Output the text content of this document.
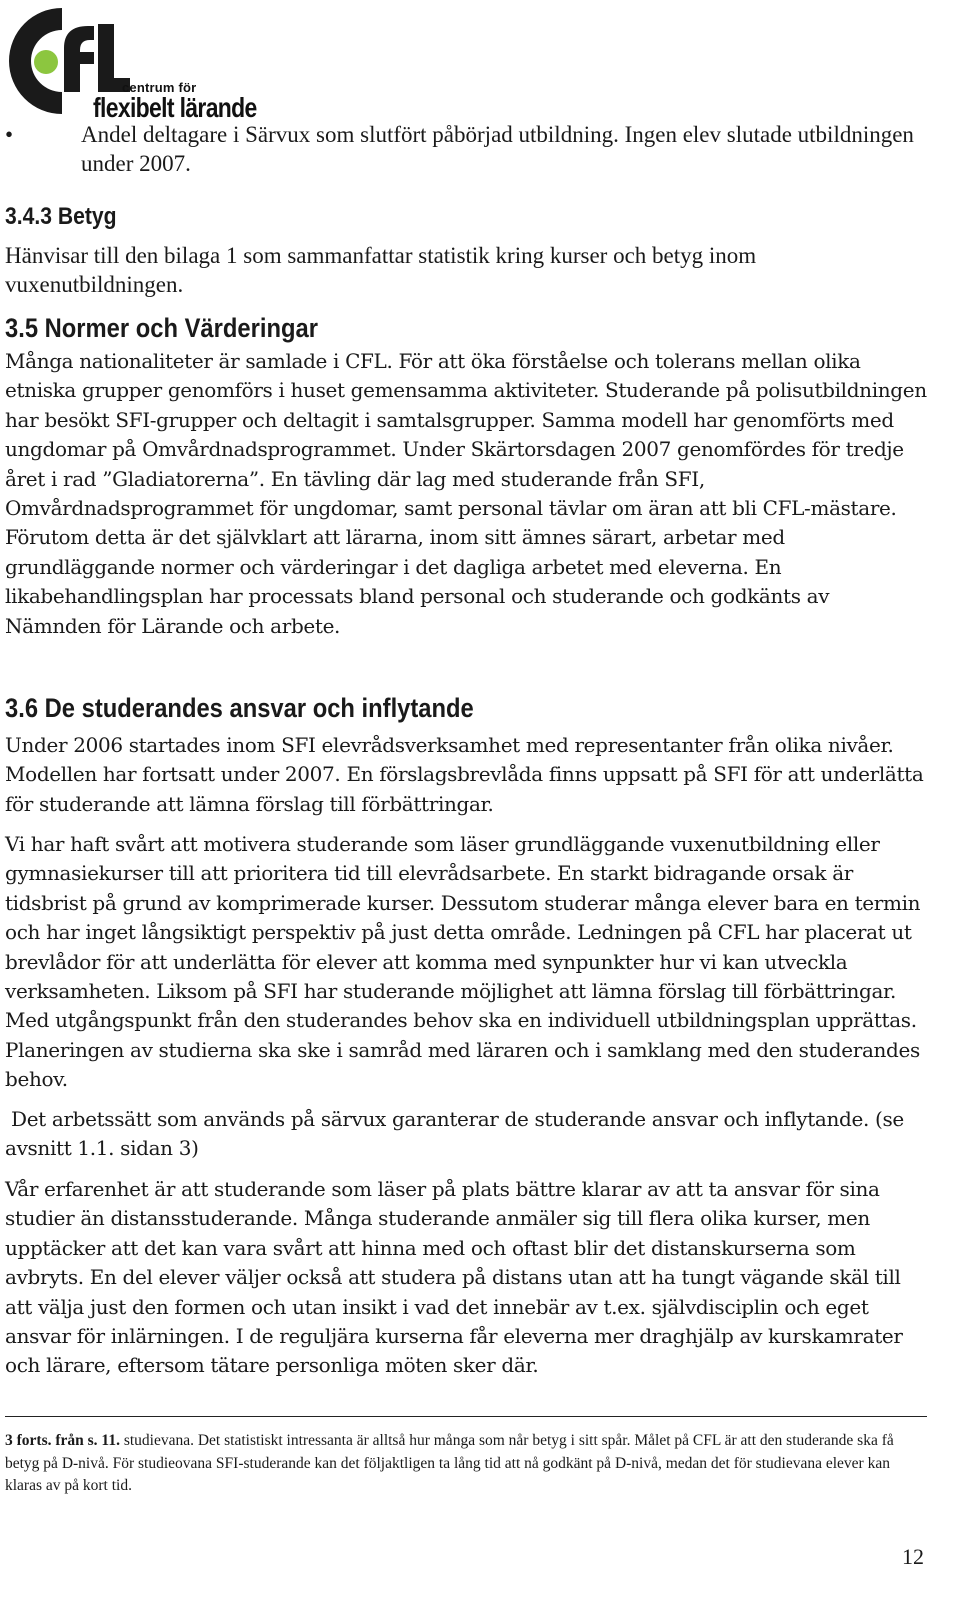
centrum för
flexibelt lärande
•	Andel deltagare i Särvux som slutfört påbörjad utbildning. Ingen elev slutade utbildningen under 2007.
3.4.3 Betyg
Hänvisar till den bilaga 1 som sammanfattar statistik kring kurser och betyg inom vuxenutbildningen.
3.5 Normer och Värderingar
Många nationaliteter är samlade i CFL. För att öka förståelse och tolerans mellan olika etniska grupper genomförs i huset gemensamma aktiviteter. Studerande på polisutbildningen har besökt SFI-grupper och deltagit i samtalsgrupper. Samma modell har genomförts med ungdomar på Omvårdnadsprogrammet. Under Skärtorsdagen 2007 genomfördes för tredje året i rad ”Gladiatorerna”. En tävling där lag med studerande från SFI, Omvårdnadsprogrammet för ungdomar, samt personal tävlar om äran att bli CFL-mästare. Förutom detta är det självklart att lärarna, inom sitt ämnes särart, arbetar med grundläggande normer och värderingar i det dagliga arbetet med eleverna. En likabehandlingsplan har processats bland personal och studerande och godkänts av Nämnden för Lärande och arbete.
3.6 De studerandes ansvar och inflytande
Under 2006 startades inom SFI elevrådsverksamhet med representanter från olika nivåer. Modellen har fortsatt under 2007. En förslagsbrevlåda finns uppsatt på SFI för att underlätta för studerande att lämna förslag till förbättringar.
Vi har haft svårt att motivera studerande som läser grundläggande vuxenutbildning eller gymnasiekurser till att prioritera tid till elevrådsarbete. En starkt bidragande orsak är tidsbrist på grund av komprimerade kurser. Dessutom studerar många elever bara en termin och har inget långsiktigt perspektiv på just detta område. Ledningen på CFL har placerat ut brevlådor för att underlätta för elever att komma med synpunkter hur vi kan utveckla verksamheten. Liksom på SFI har studerande möjlighet att lämna förslag till förbättringar. Med utgångspunkt från den studerandes behov ska en individuell utbildningsplan upprättas. Planeringen av studierna ska ske i samråd med läraren och i samklang med den studerandes behov.
Det arbetssätt som används på särvux garanterar de studerande ansvar och inflytande. (se avsnitt 1.1. sidan 3)
Vår erfarenhet är att studerande som läser på plats bättre klarar av att ta ansvar för sina studier än distansstuderande. Många studerande anmäler sig till flera olika kurser, men upptäcker att det kan vara svårt att hinna med och oftast blir det distanskurserna som avbryts. En del elever väljer också att studera på distans utan att ha tungt vägande skäl till att välja just den formen och utan insikt i vad det innebär av t.ex. självdisciplin och eget ansvar för inlärningen. I de reguljära kurserna får eleverna mer draghjälp av kurskamrater och lärare, eftersom tätare personliga möten sker där.
3 forts. från s. 11. studievana. Det statistiskt intressanta är alltså hur många som når betyg i sitt spår. Målet på CFL är att den studerande ska få betyg på D-nivå. För studieovana SFI-studerande kan det följaktligen ta lång tid att nå godkänt på D-nivå, medan det för studievana elever kan klaras av på kort tid.
12
